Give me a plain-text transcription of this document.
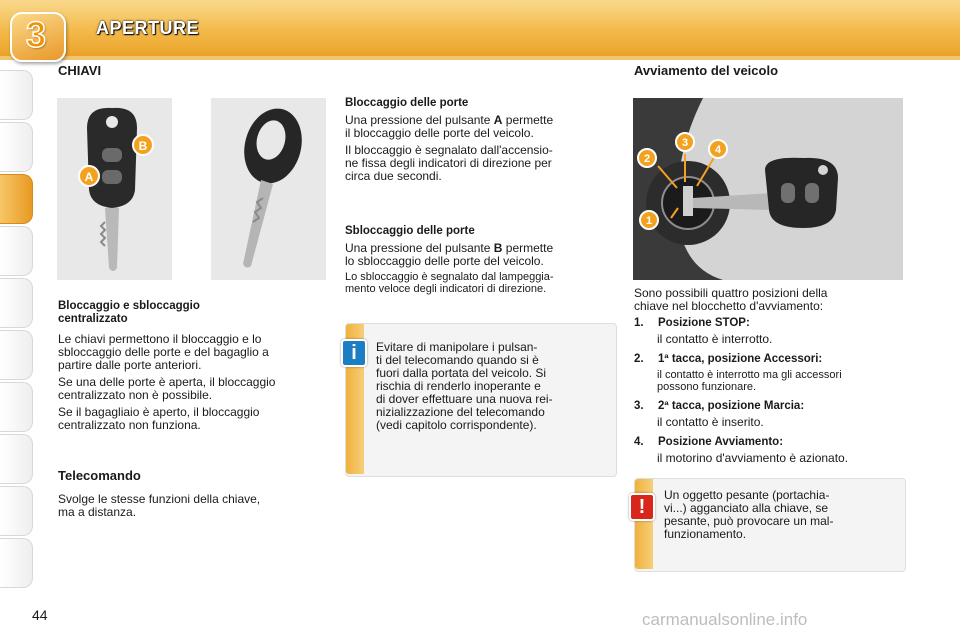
3	APERTURE
CHIAVI
B
A
Bloccaggio e sbloccaggio
centralizzato
Le chiavi permettono il bloccaggio e lo
sbloccaggio delle porte e del bagaglio a
partire dalle porte anteriori.
Se una delle porte è aperta, il bloccaggio
centralizzato non è possibile.
Se il bagagliaio è aperto, il bloccaggio
centralizzato non funziona.
Telecomando
Svolge le stesse funzioni della chiave,
ma a distanza.
Bloccaggio delle porte
Una pressione del pulsante A permette
il bloccaggio delle porte del veicolo.
Il bloccaggio è segnalato dall'accensio-
ne fissa degli indicatori di direzione per
circa due secondi.
Sbloccaggio delle porte
Una pressione del pulsante B permette
lo sbloccaggio delle porte del veicolo.
Lo sbloccaggio è segnalato dal lampeggia-
mento veloce degli indicatori di direzione.
i	Evitare di manipolare i pulsan-
ti del telecomando quando si è
fuori dalla portata del veicolo. Si
rischia di renderlo inoperante e
di dover effettuare una nuova rei-
nizializzazione del telecomando
(vedi capitolo corrispondente).
Avviamento del veicolo
1
2
3
4
Sono possibili quattro posizioni della
chiave nel blocchetto d'avviamento:
1. Posizione STOP:
il contatto è interrotto.
2. 1ª tacca, posizione Accessori:
il contatto è interrotto ma gli accessori
possono funzionare.
3. 2ª tacca, posizione Marcia:
il contatto è inserito.
4. Posizione Avviamento:
il motorino d'avviamento è azionato.
!
Un oggetto pesante (portachia-
vi...) agganciato alla chiave, se
pesante, può provocare un mal-
funzionamento.
44	carmanualsonline.info
